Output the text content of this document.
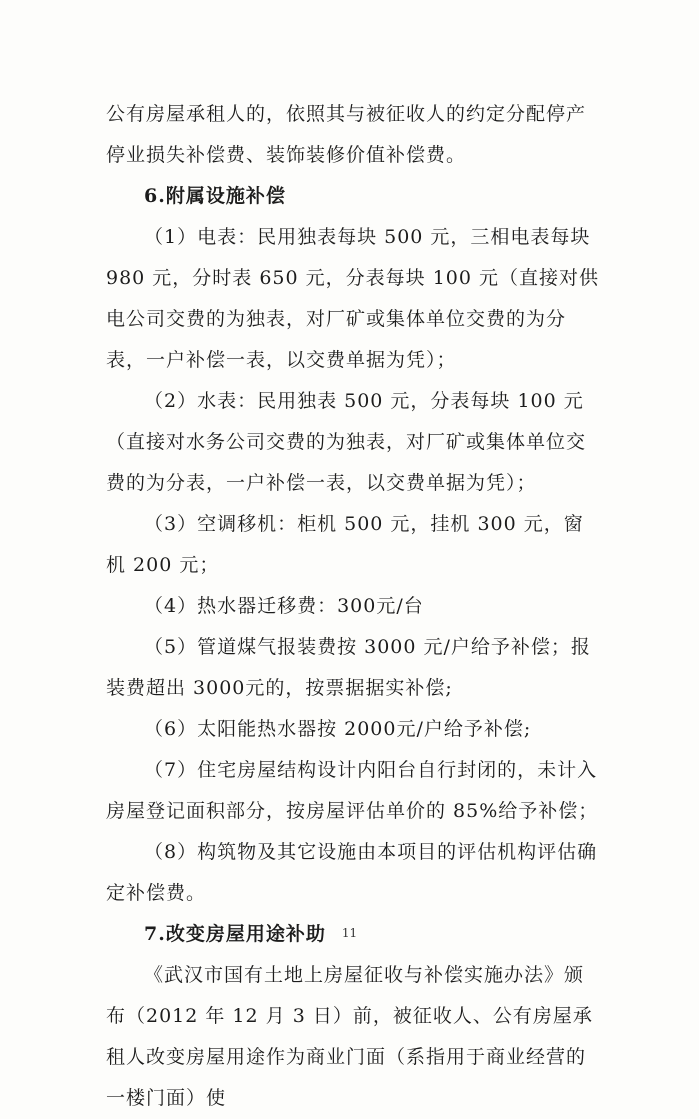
公有房屋承租人的，依照其与被征收人的约定分配停产停业损失补偿费、装饰装修价值补偿费。

6.附属设施补偿

（1）电表：民用独表每块 500 元，三相电表每块 980 元，分时表 650 元，分表每块 100 元（直接对供电公司交费的为独表，对厂矿或集体单位交费的为分表，一户补偿一表，以交费单据为凭）；

（2）水表：民用独表 500 元，分表每块 100 元（直接对水务公司交费的为独表，对厂矿或集体单位交费的为分表，一户补偿一表，以交费单据为凭）；

（3）空调移机：柜机 500 元，挂机 300 元，窗机 200 元；

（4）热水器迁移费：300元/台

（5）管道煤气报装费按 3000 元/户给予补偿；报装费超出 3000元的，按票据据实补偿;

（6）太阳能热水器按 2000元/户给予补偿;

（7）住宅房屋结构设计内阳台自行封闭的，未计入房屋登记面积部分，按房屋评估单价的 85%给予补偿；

（8）构筑物及其它设施由本项目的评估机构评估确定补偿费。

7.改变房屋用途补助

《武汉市国有土地上房屋征收与补偿实施办法》颁布（2012 年 12 月 3 日）前，被征收人、公有房屋承租人改变房屋用途作为商业门面（系指用于商业经营的一楼门面）使

11
